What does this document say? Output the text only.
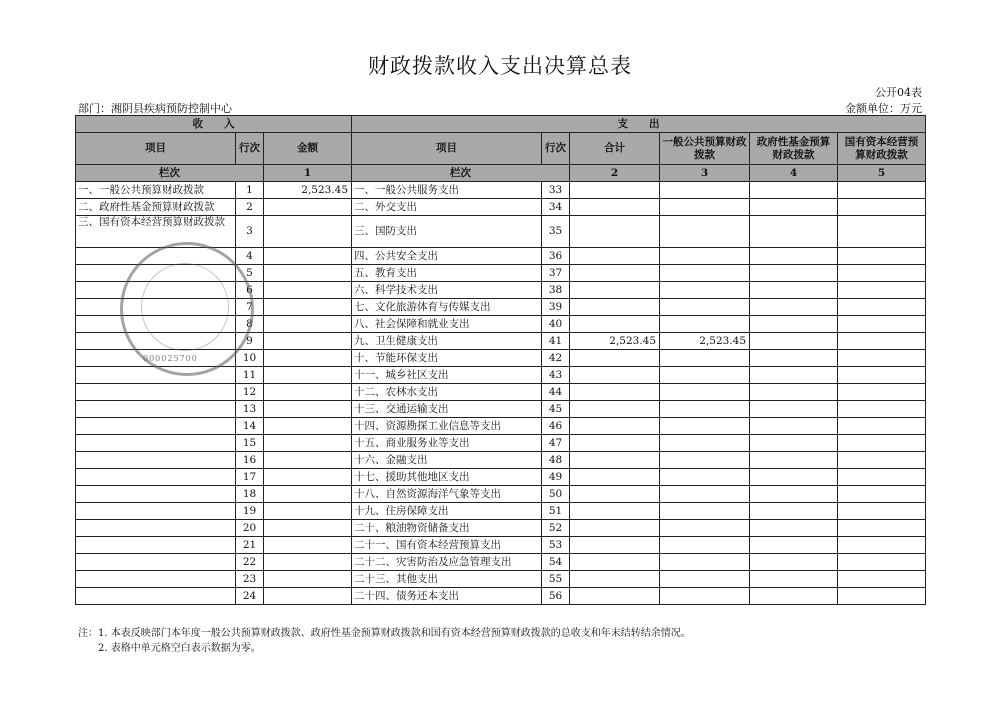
财政拨款收入支出决算总表
公开04表
部门：湘阴县疾病预防控制中心	金额单位：万元
收　　入			支　　出					
项目	行次	金额	项目	行次	合计	一般公共预算财政拨款	政府性基金预算财政拨款	国有资本经营预算财政拨款
栏次		1	栏次		2	3	4	5
一、一般公共预算财政拨款	1	2,523.45	一、一般公共服务支出	33				
二、政府性基金预算财政拨款	2		二、外交支出	34				
三、国有资本经营预算财政拨款	3		三、国防支出	35				
	4		四、公共安全支出	36				
	5		五、教育支出	37				
	6		六、科学技术支出	38				
	7		七、文化旅游体育与传媒支出	39				
	8		八、社会保障和就业支出	40				
	9		九、卫生健康支出	41	2,523.45	2,523.45		
	10		十、节能环保支出	42				
	11		十一、城乡社区支出	43				
	12		十二、农林水支出	44				
	13		十三、交通运输支出	45				
	14		十四、资源勘探工业信息等支出	46				
	15		十五、商业服务业等支出	47				
	16		十六、金融支出	48				
	17		十七、援助其他地区支出	49				
	18		十八、自然资源海洋气象等支出	50				
	19		十九、住房保障支出	51				
	20		二十、粮油物资储备支出	52				
	21		二十一、国有资本经营预算支出	53				
	22		二十二、灾害防治及应急管理支出	54				
	23		二十三、其他支出	55				
	24		二十四、债务还本支出	56				
000025700
注：1. 本表反映部门本年度一般公共预算财政拨款、政府性基金预算财政拨款和国有资本经营预算财政拨款的总收支和年末结转结余情况。
　　2. 表格中单元格空白表示数据为零。
